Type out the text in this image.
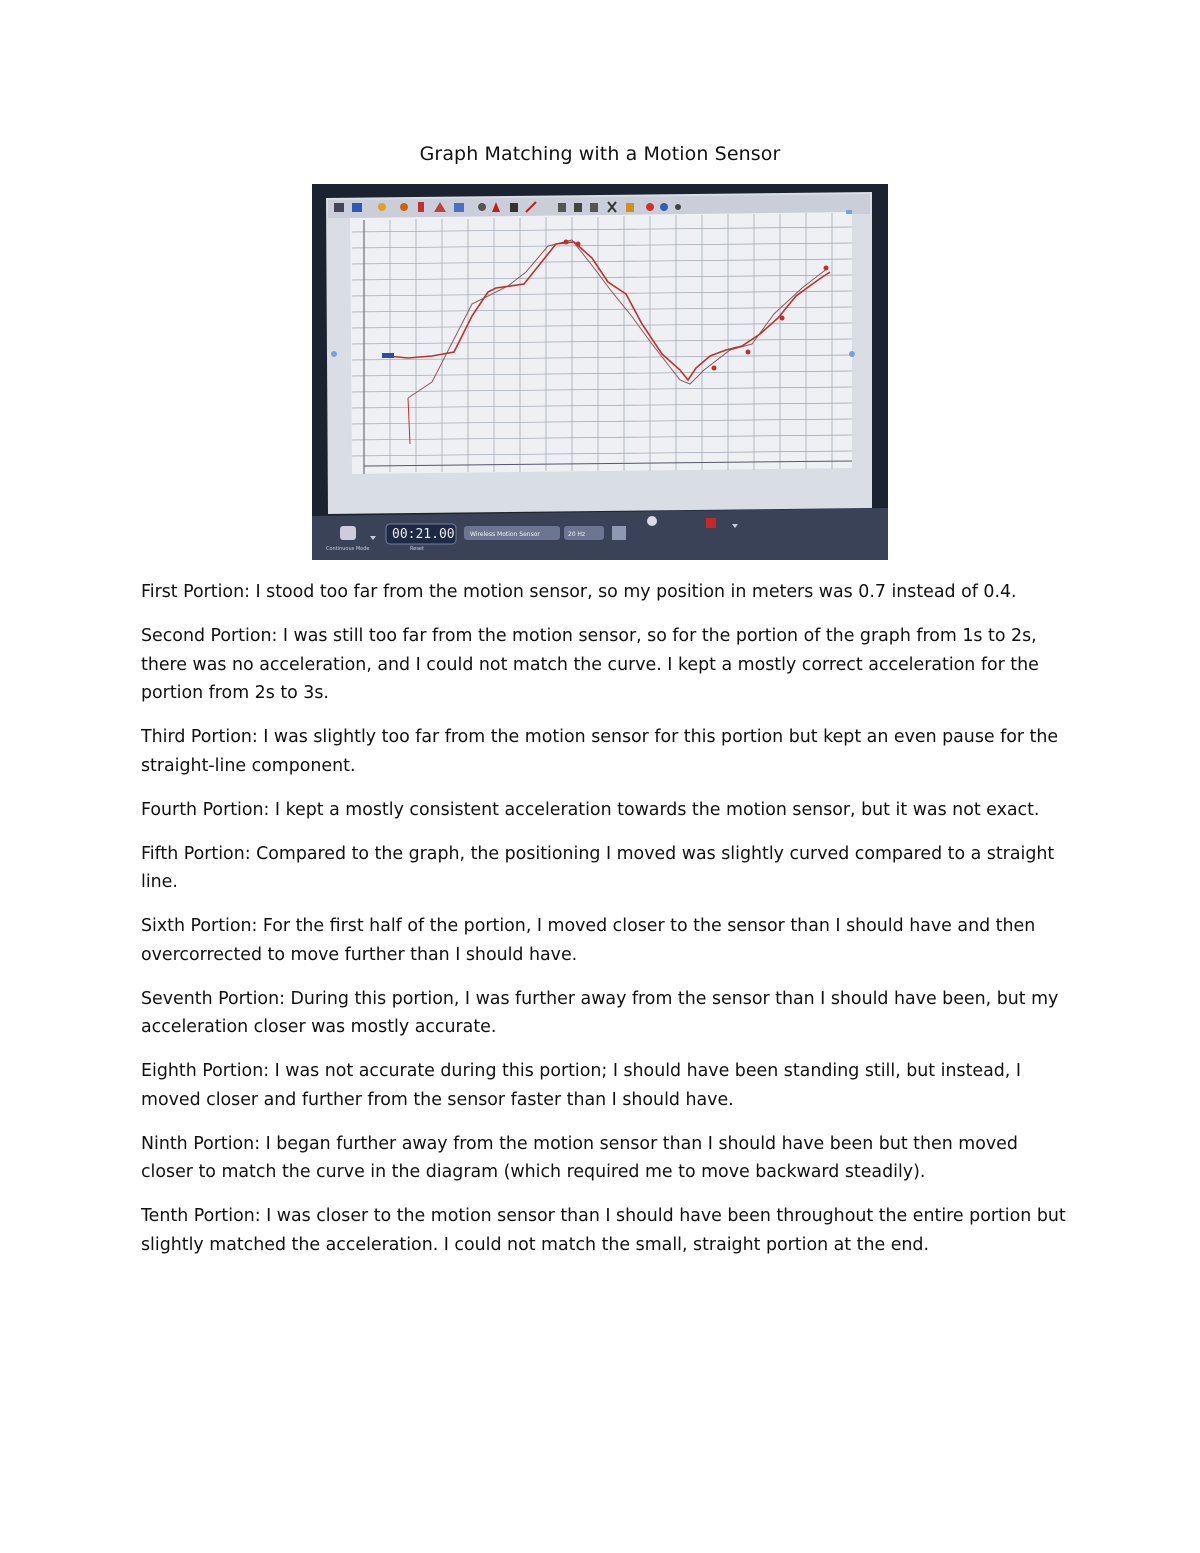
Graph Matching with a Motion Sensor
Continuous Mode
00:21.00
Reset
Wireless Motion Sensor	20 Hz

First Portion: I stood too far from the motion sensor, so my position in meters was 0.7 instead of 0.4.

Second Portion: I was still too far from the motion sensor, so for the portion of the graph from 1s to 2s, there was no acceleration, and I could not match the curve. I kept a mostly correct acceleration for the portion from 2s to 3s.

Third Portion: I was slightly too far from the motion sensor for this portion but kept an even pause for the straight-line component.

Fourth Portion: I kept a mostly consistent acceleration towards the motion sensor, but it was not exact.

Fifth Portion: Compared to the graph, the positioning I moved was slightly curved compared to a straight line.

Sixth Portion: For the first half of the portion, I moved closer to the sensor than I should have and then overcorrected to move further than I should have.

Seventh Portion: During this portion, I was further away from the sensor than I should have been, but my acceleration closer was mostly accurate.

Eighth Portion: I was not accurate during this portion; I should have been standing still, but instead, I moved closer and further from the sensor faster than I should have.

Ninth Portion: I began further away from the motion sensor than I should have been but then moved closer to match the curve in the diagram (which required me to move backward steadily).

Tenth Portion: I was closer to the motion sensor than I should have been throughout the entire portion but slightly matched the acceleration. I could not match the small, straight portion at the end.
